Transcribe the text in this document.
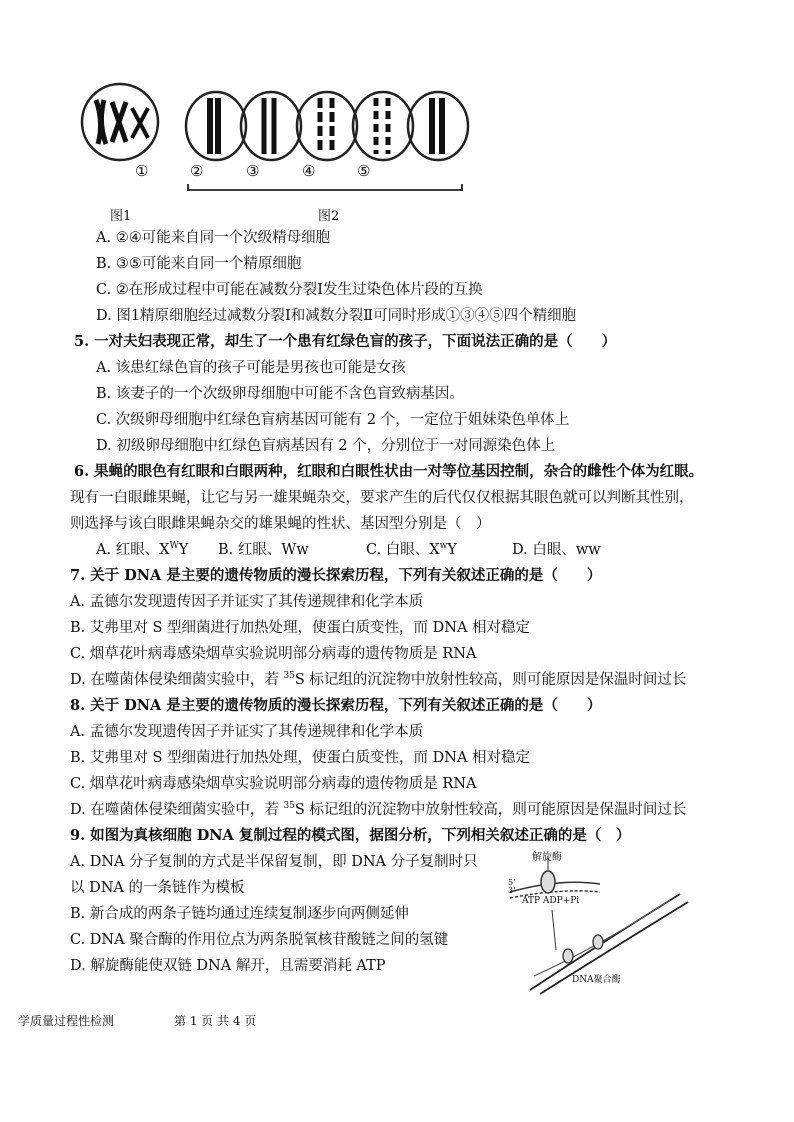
①	②	③	④	⑤
图1	图2
A. ②④可能来自同一个次级精母细胞
B. ③⑤可能来自同一个精原细胞
C. ②在形成过程中可能在减数分裂Ⅰ发生过染色体片段的互换
D. 图1精原细胞经过减数分裂Ⅰ和减数分裂Ⅱ可同时形成①③④⑤四个精细胞
5. 一对夫妇表现正常，却生了一个患有红绿色盲的孩子，下面说法正确的是（　　）
A. 该患红绿色盲的孩子可能是男孩也可能是女孩
B. 该妻子的一个次级卵母细胞中可能不含色盲致病基因。
C. 次级卵母细胞中红绿色盲病基因可能有 2 个，一定位于姐妹染色单体上
D. 初级卵母细胞中红绿色盲病基因有 2 个，分别位于一对同源染色体上
6. 果蝇的眼色有红眼和白眼两种，红眼和白眼性状由一对等位基因控制，杂合的雌性个体为红眼。
现有一白眼雌果蝇，让它与另一雄果蝇杂交，要求产生的后代仅仅根据其眼色就可以判断其性别，
则选择与该白眼雌果蝇杂交的雄果蝇的性状、基因型分别是（　）
A. 红眼、$X^WY$ B. 红眼、Ww	C. 白眼、$X^wY$	D. 白眼、ww
7. 关于 DNA 是主要的遗传物质的漫长探索历程，下列有关叙述正确的是（　　）
A. 孟德尔发现遗传因子并证实了其传递规律和化学本质
B. 艾弗里对 S 型细菌进行加热处理，使蛋白质变性，而 DNA 相对稳定
C. 烟草花叶病毒感染烟草实验说明部分病毒的遗传物质是 RNA
D. 在噬菌体侵染细菌实验中，若 $^{35}$S 标记组的沉淀物中放射性较高，则可能原因是保温时间过长
8. 关于 DNA 是主要的遗传物质的漫长探索历程，下列有关叙述正确的是（　　）
A. 孟德尔发现遗传因子并证实了其传递规律和化学本质
B. 艾弗里对 S 型细菌进行加热处理，使蛋白质变性，而 DNA 相对稳定
C. 烟草花叶病毒感染烟草实验说明部分病毒的遗传物质是 RNA
D. 在噬菌体侵染细菌实验中，若 $^{35}$S 标记组的沉淀物中放射性较高，则可能原因是保温时间过长
9. 如图为真核细胞 DNA 复制过程的模式图，据图分析，下列相关叙述正确的是（　）
A. DNA 分子复制的方式是半保留复制，即 DNA 分子复制时只
以 DNA 的一条链作为模板
B. 新合成的两条子链均通过连续复制逐步向两侧延伸
C. DNA 聚合酶的作用位点为两条脱氧核苷酸链之间的氢键
D. 解旋酶能使双链 DNA 解开，且需要消耗 ATP
解旋酶
5'
3'
ATP ADP+Pi
DNA聚合酶
学质量过程性检测	第 1 页 共 4 页
